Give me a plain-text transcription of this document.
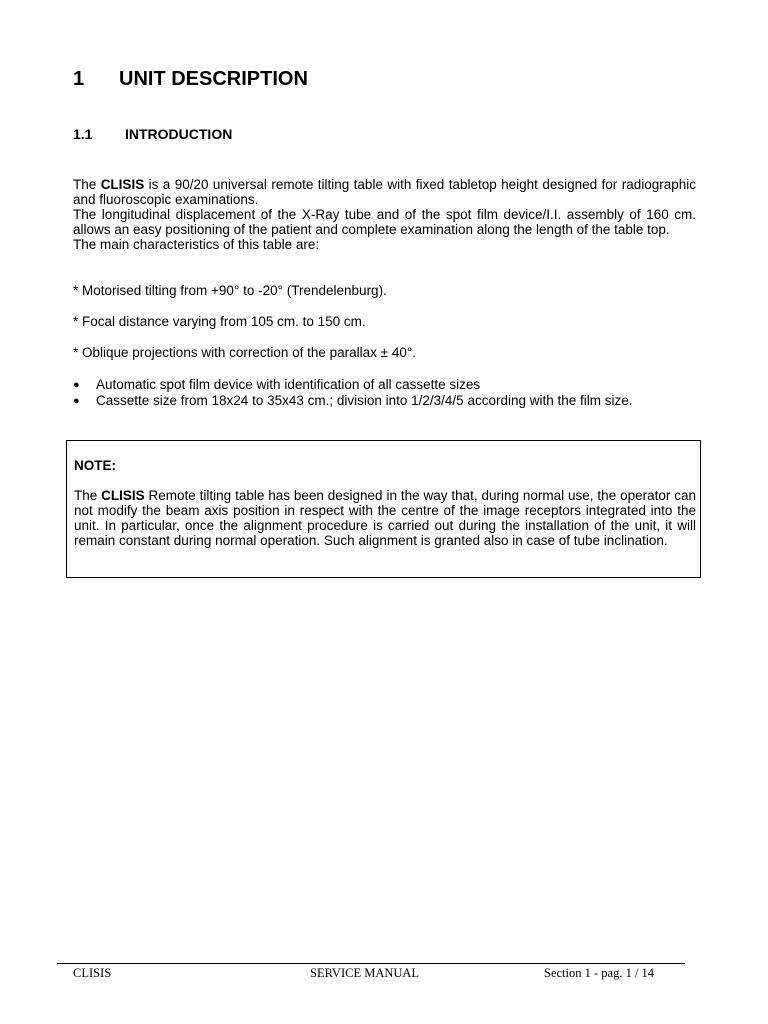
1 UNIT DESCRIPTION
1.1 INTRODUCTION

The CLISIS is a 90/20 universal remote tilting table with fixed tabletop height designed for radiographic and fluoroscopic examinations.

The longitudinal displacement of the X-Ray tube and of the spot film device/I.I. assembly of 160 cm. allows an easy positioning of the patient and complete examination along the length of the table top.

The main characteristics of this table are:

* Motorised tilting from +90° to -20° (Trendelenburg).

* Focal distance varying from 105 cm. to 150 cm.

* Oblique projections with correction of the parallax ± 40°.

● Automatic spot film device with identification of all cassette sizes
● Cassette size from 18x24 to 35x43 cm.; division into 1/2/3/4/5 according with the film size.

NOTE:

The CLISIS Remote tilting table has been designed in the way that, during normal use, the operator can not modify the beam axis position in respect with the centre of the image receptors integrated into the unit. In particular, once the alignment procedure is carried out during the installation of the unit, it will remain constant during normal operation. Such alignment is granted also in case of tube inclination.

CLISIS	SERVICE MANUAL	Section 1 - pag. 1 / 14
